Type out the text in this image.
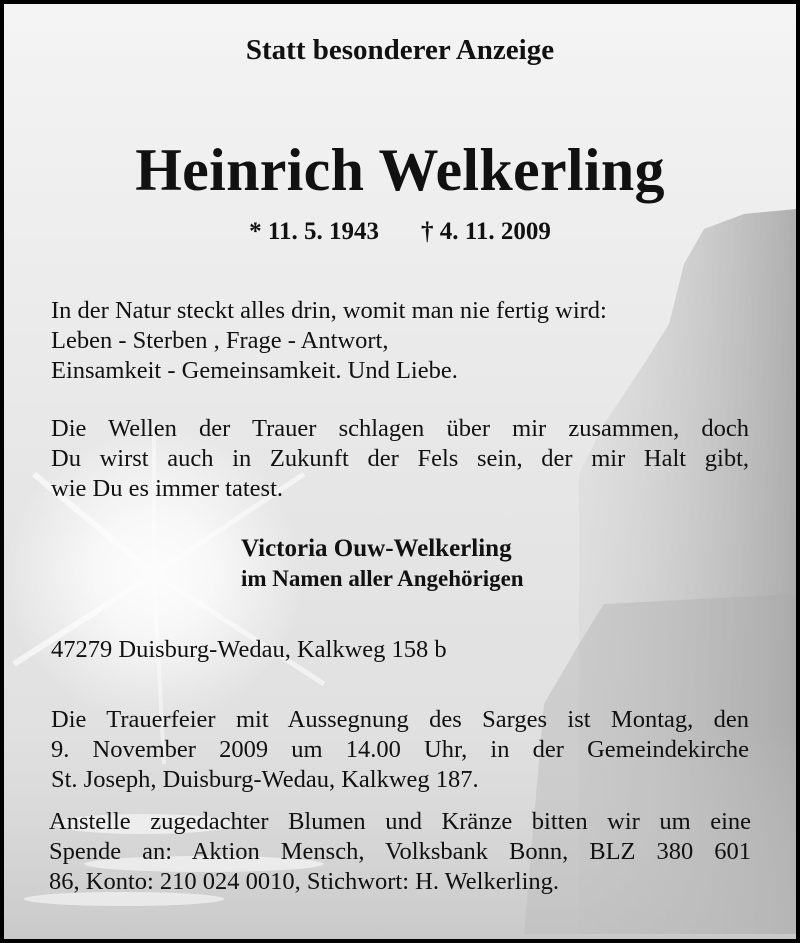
Statt besonderer Anzeige
Heinrich Welkerling
* 11. 5. 1943 † 4. 11. 2009
In der Natur steckt alles drin, womit man nie fertig wird:
Leben - Sterben , Frage - Antwort,
Einsamkeit - Gemeinsamkeit. Und Liebe.
Die Wellen der Trauer schlagen über mir zusammen, doch
Du wirst auch in Zukunft der Fels sein, der mir Halt gibt,
wie Du es immer tatest.
Victoria Ouw-Welkerling
im Namen aller Angehörigen
47279 Duisburg-Wedau, Kalkweg 158 b
Die Trauerfeier mit Aussegnung des Sarges ist Montag, den
9. November 2009 um 14.00 Uhr, in der Gemeindekirche
St. Joseph, Duisburg-Wedau, Kalkweg 187.
Anstelle zugedachter Blumen und Kränze bitten wir um eine
Spende an: Aktion Mensch, Volksbank Bonn, BLZ 380 601
86, Konto: 210 024 0010, Stichwort: H. Welkerling.
